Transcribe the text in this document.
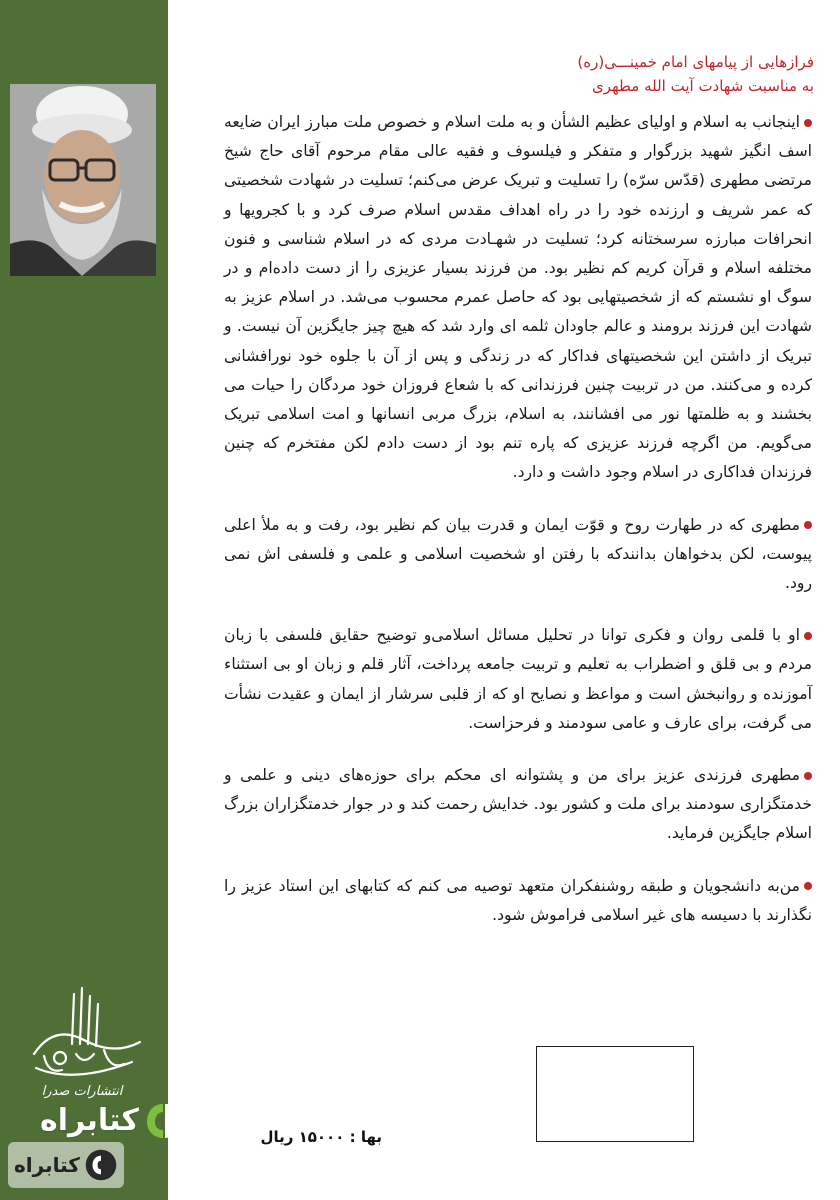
انتشارات صدرا
کتابراه
کتابراه
فرازهایی از پیامهای امام خمینـــی(ره)
به مناسبت شهادت آیت الله مطهری

اینجانب به اسلام و اولیای عظیم الشأن و به ملت اسلام و خصوص ملت مبارز ایران ضایعه اسف انگیز شهید بزرگوار و متفکر و فیلسوف و فقیه عالی مقام مرحوم آقای حاج شیخ مرتضی مطهری (قدّس سرّه) را تسلیت و تبریک عرض می‌کنم؛ تسلیت در شهادت شخصیتی که عمر شریف و ارزنده خود را در راه اهداف مقدس اسلام صرف کرد و با کجرویها و انحرافات مبارزه سرسختانه کرد؛ تسلیت در شهـادت مردی که در اسلام شناسی و فنون مختلفه اسلام و قرآن کریم کم نظیر بود. من فرزند بسیار عزیزی را از دست داده‌ام و در سوگ او نشستم که از شخصیتهایی بود که حاصل عمرم محسوب می‌شد. در اسلام عزیز به شهادت این فرزند برومند و عالم جاودان ثلمه ای وارد شد که هیچ چیز جایگزین آن نیست. و تبریک از داشتن این شخصیتهای فداکار که در زندگی و پس از آن با جلوه خود نورافشانی کرده و می‌کنند. من در تربیت چنین فرزندانی که با شعاع فروزان خود مردگان را حیات می بخشند و به ظلمتها نور می افشانند، به اسلام، بزرگ مربی انسانها و امت اسلامی تبریک می‌گویم. من اگرچه فرزند عزیزی که پاره تنم بود از دست دادم لکن مفتخرم که چنین فرزندان فداکاری در اسلام وجود داشت و دارد.

مطهری که در طهارت روح و قوّت ایمان و قدرت بیان کم نظیر بود، رفت و به ملأ اعلی پیوست، لکن بدخواهان بدانندکه با رفتن او شخصیت اسلامی و علمی و فلسفی اش نمی رود.

او با قلمی روان و فکری توانا در تحلیل مسائل اسلامی‌و توضیح حقایق فلسفی با زبان مردم و بی قلق و اضطراب به تعلیم و تربیت جامعه پرداخت، آثار قلم و زبان او بی استثناء آموزنده و روانبخش است و مواعظ و نصایح او که از قلبی سرشار از ایمان و عقیدت نشأت می گرفت، برای عارف و عامی سودمند و فرحزاست.

مطهری فرزندی عزیز برای من و پشتوانه ای محکم برای حوزه‌های دینی و علمی و خدمتگزاری سودمند برای ملت و کشور بود. خدایش رحمت کند و در جوار خدمتگزاران بزرگ اسلام جایگزین فرماید.

من‌به دانشجویان و طبقه روشنفکران متعهد توصیه می کنم که کتابهای این استاد عزیز را نگذارند با دسیسه های غیر اسلامی فراموش شود.

بها : ۱۵۰۰۰ ریال
